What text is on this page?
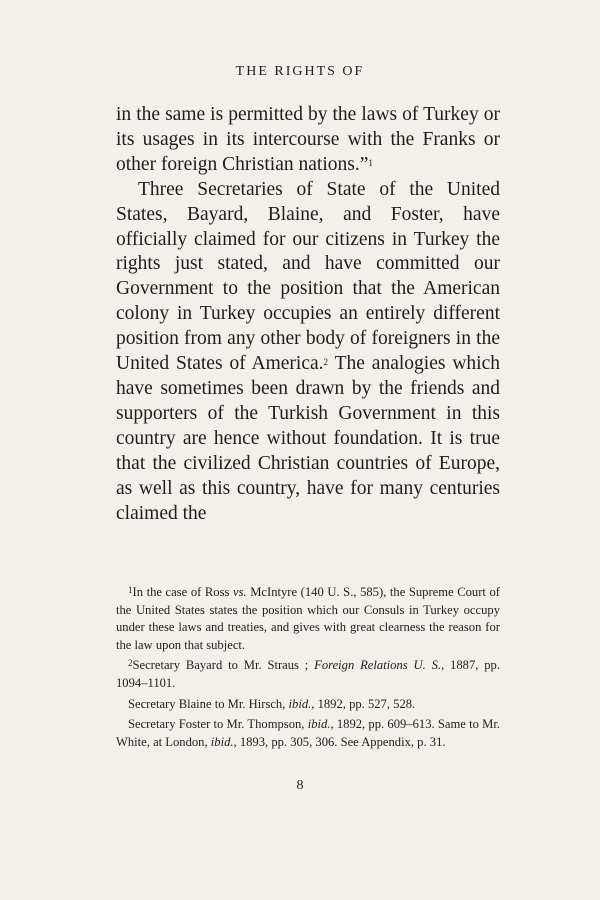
THE RIGHTS OF

in the same is permitted by the laws of Turkey or its usages in its intercourse with the Franks or other foreign Christian nations.”$^1$

Three Secretaries of State of the United States, Bayard, Blaine, and Foster, have officially claimed for our citizens in Turkey the rights just stated, and have committed our Government to the position that the American colony in Turkey occupies an entirely different position from any other body of foreigners in the United States of America.$^2$ The analogies which have sometimes been drawn by the friends and supporters of the Turkish Government in this country are hence without foundation. It is true that the civilized Christian countries of Europe, as well as this country, have for many centuries claimed the

$^1$In the case of Ross vs. McIntyre (140 U. S., 585), the Supreme Court of the United States states the position which our Consuls in Turkey occupy under these laws and treaties, and gives with great clearness the reason for the law upon that subject.

$^2$Secretary Bayard to Mr. Straus ; Foreign Relations U. S., 1887, pp. 1094–1101.

Secretary Blaine to Mr. Hirsch, ibid., 1892, pp. 527, 528.

Secretary Foster to Mr. Thompson, ibid., 1892, pp. 609–613. Same to Mr. White, at London, ibid., 1893, pp. 305, 306. See Appendix, p. 31.

8
